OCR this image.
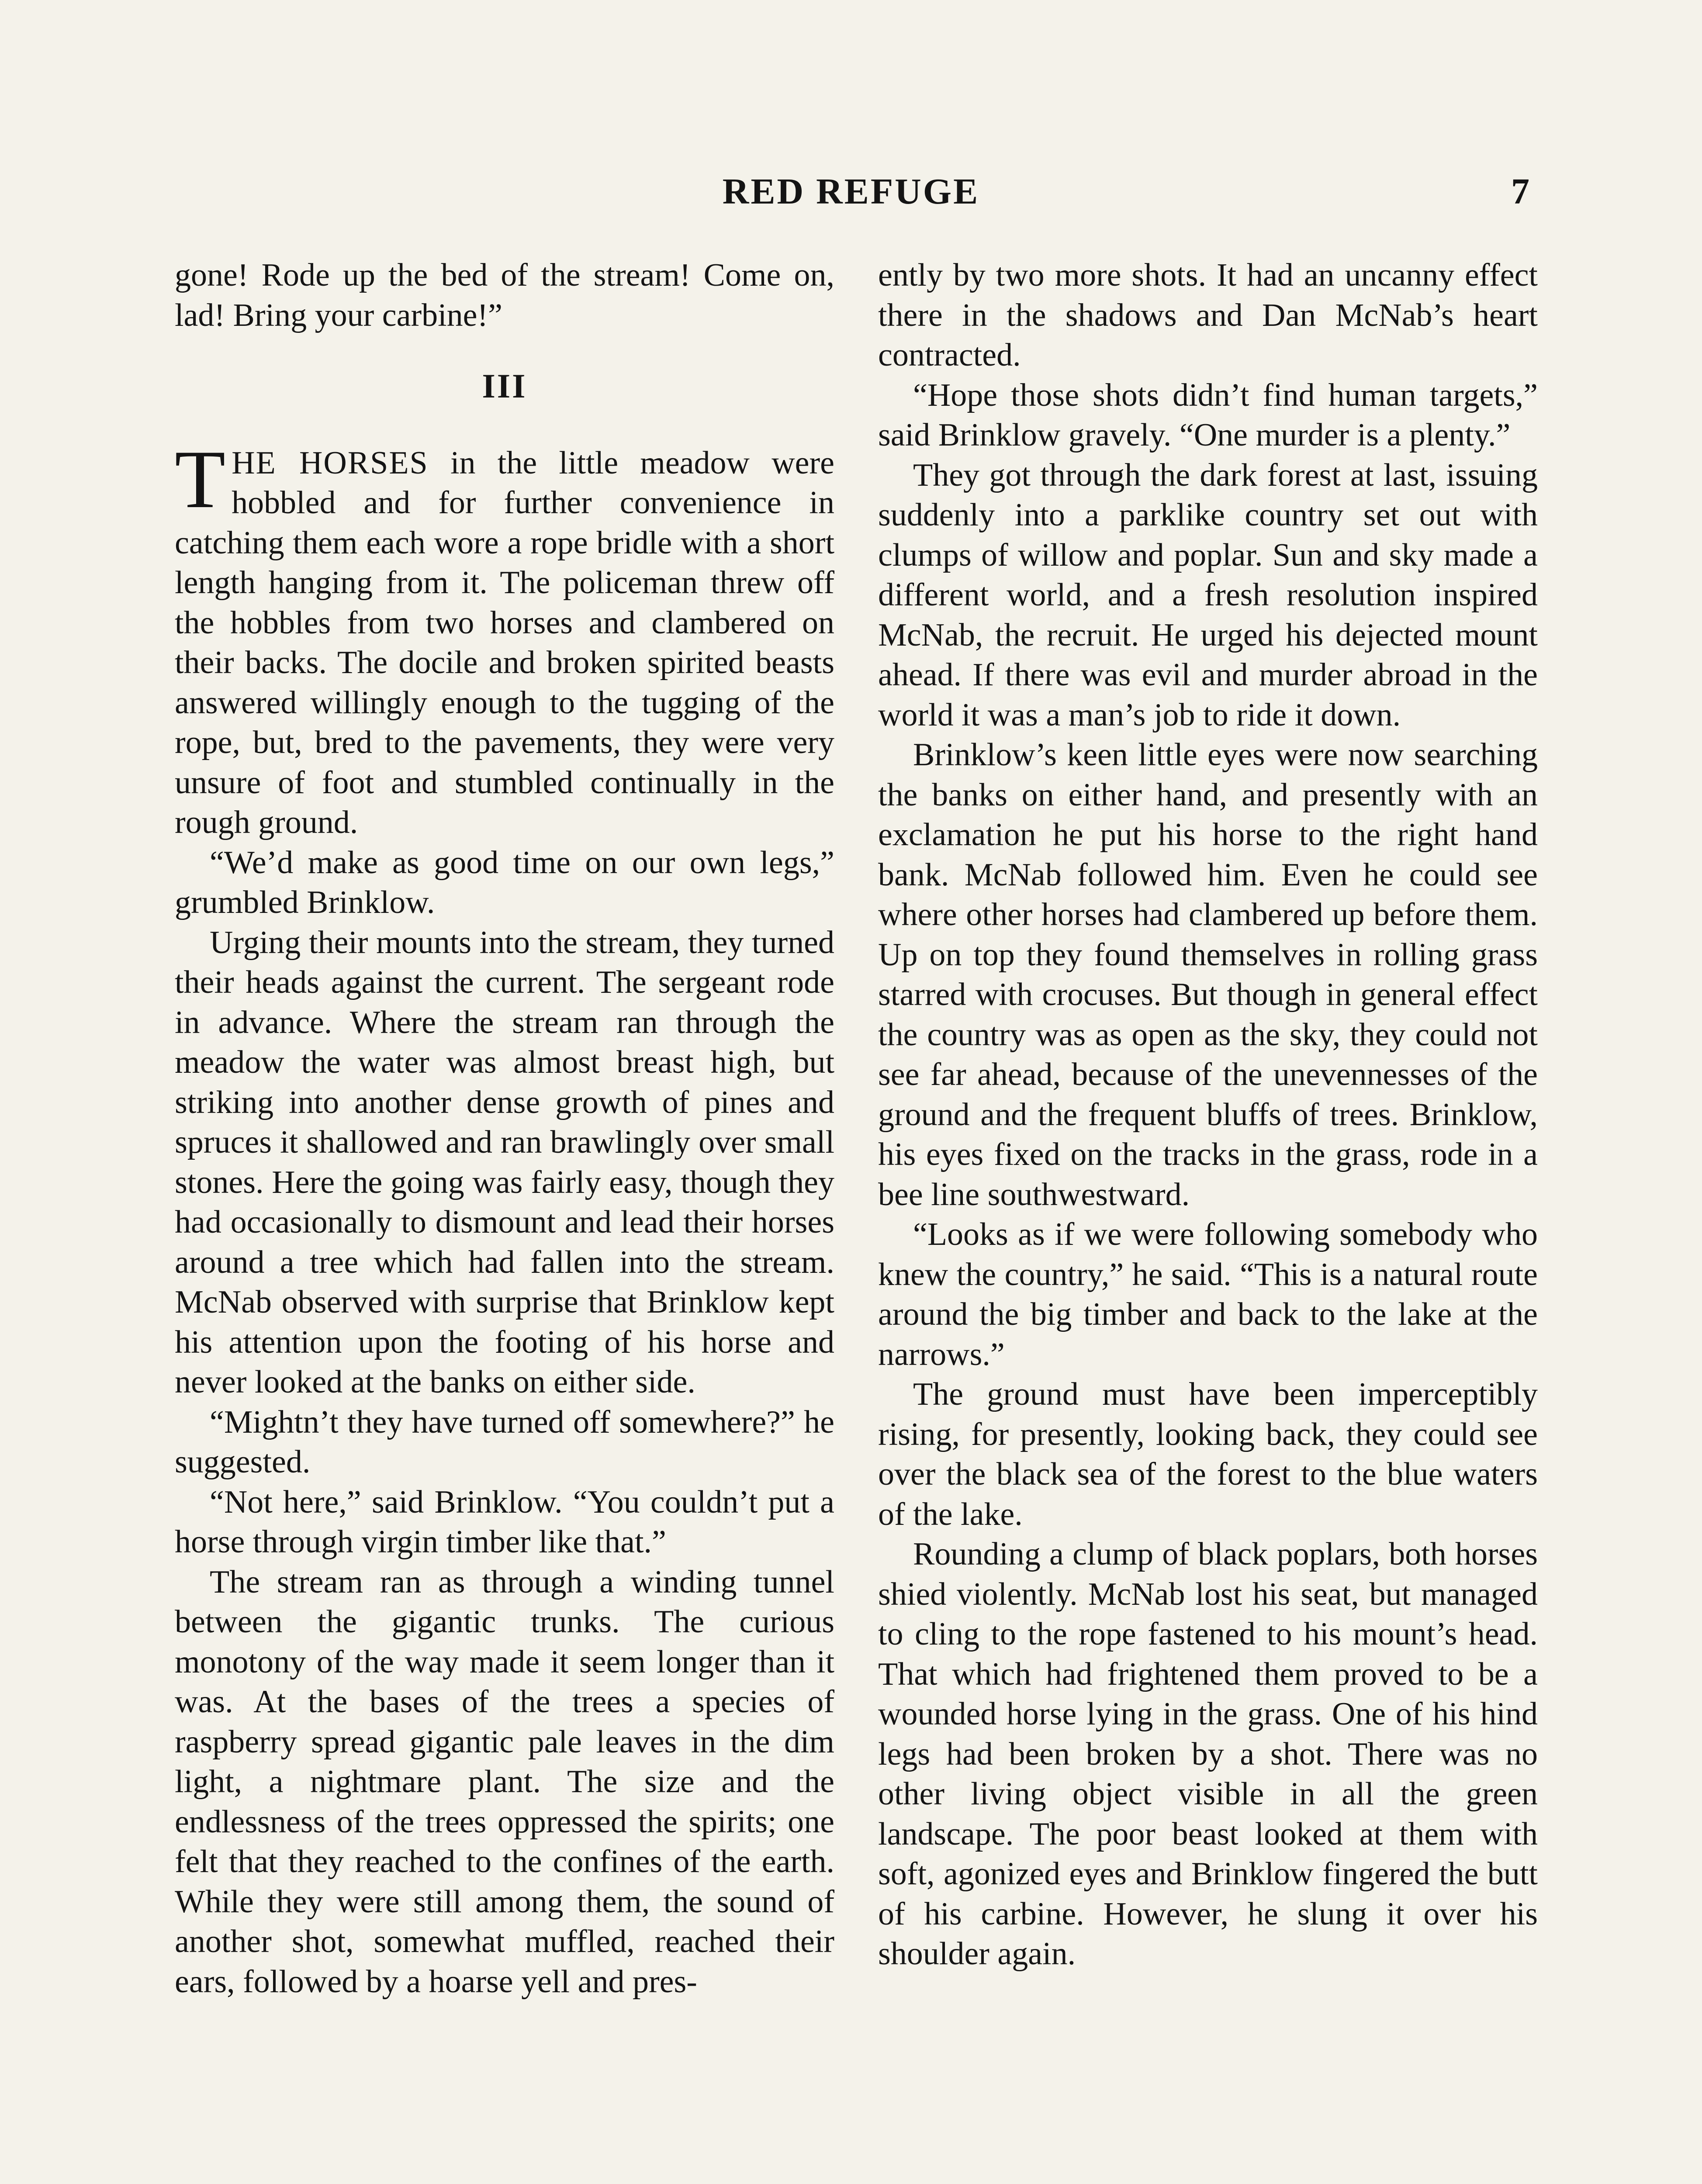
RED REFUGE	7

gone! Rode up the bed of the stream! Come on, lad! Bring your carbine!”

III

THE HORSES in the little meadow were hobbled and for further convenience in catching them each wore a rope bridle with a short length hanging from it. The policeman threw off the hobbles from two horses and clambered on their backs. The docile and broken spirited beasts answered willingly enough to the tugging of the rope, but, bred to the pavements, they were very unsure of foot and stumbled continually in the rough ground.

“We’d make as good time on our own legs,” grumbled Brinklow.

Urging their mounts into the stream, they turned their heads against the current. The sergeant rode in advance. Where the stream ran through the meadow the water was almost breast high, but striking into another dense growth of pines and spruces it shallowed and ran brawlingly over small stones. Here the going was fairly easy, though they had occasionally to dismount and lead their horses around a tree which had fallen into the stream. McNab observed with surprise that Brinklow kept his attention upon the footing of his horse and never looked at the banks on either side.

“Mightn’t they have turned off somewhere?” he suggested.

“Not here,” said Brinklow. “You couldn’t put a horse through virgin timber like that.”

The stream ran as through a winding tunnel between the gigantic trunks. The curious monotony of the way made it seem longer than it was. At the bases of the trees a species of raspberry spread gigantic pale leaves in the dim light, a nightmare plant. The size and the endlessness of the trees oppressed the spirits; one felt that they reached to the confines of the earth. While they were still among them, the sound of another shot, somewhat muffled, reached their ears, followed by a hoarse yell and pres-

ently by two more shots. It had an uncanny effect there in the shadows and Dan McNab’s heart contracted.

“Hope those shots didn’t find human targets,” said Brinklow gravely. “One murder is a plenty.”

They got through the dark forest at last, issuing suddenly into a parklike country set out with clumps of willow and poplar. Sun and sky made a different world, and a fresh resolution inspired McNab, the recruit. He urged his dejected mount ahead. If there was evil and murder abroad in the world it was a man’s job to ride it down.

Brinklow’s keen little eyes were now searching the banks on either hand, and presently with an exclamation he put his horse to the right hand bank. McNab followed him. Even he could see where other horses had clambered up before them. Up on top they found themselves in rolling grass starred with crocuses. But though in general effect the country was as open as the sky, they could not see far ahead, because of the unevennesses of the ground and the frequent bluffs of trees. Brinklow, his eyes fixed on the tracks in the grass, rode in a bee line southwestward.

“Looks as if we were following somebody who knew the country,” he said. “This is a natural route around the big timber and back to the lake at the narrows.”

The ground must have been imperceptibly rising, for presently, looking back, they could see over the black sea of the forest to the blue waters of the lake.

Rounding a clump of black poplars, both horses shied violently. McNab lost his seat, but managed to cling to the rope fastened to his mount’s head. That which had frightened them proved to be a wounded horse lying in the grass. One of his hind legs had been broken by a shot. There was no other living object visible in all the green landscape. The poor beast looked at them with soft, agonized eyes and Brinklow fingered the butt of his carbine. However, he slung it over his shoulder again.
